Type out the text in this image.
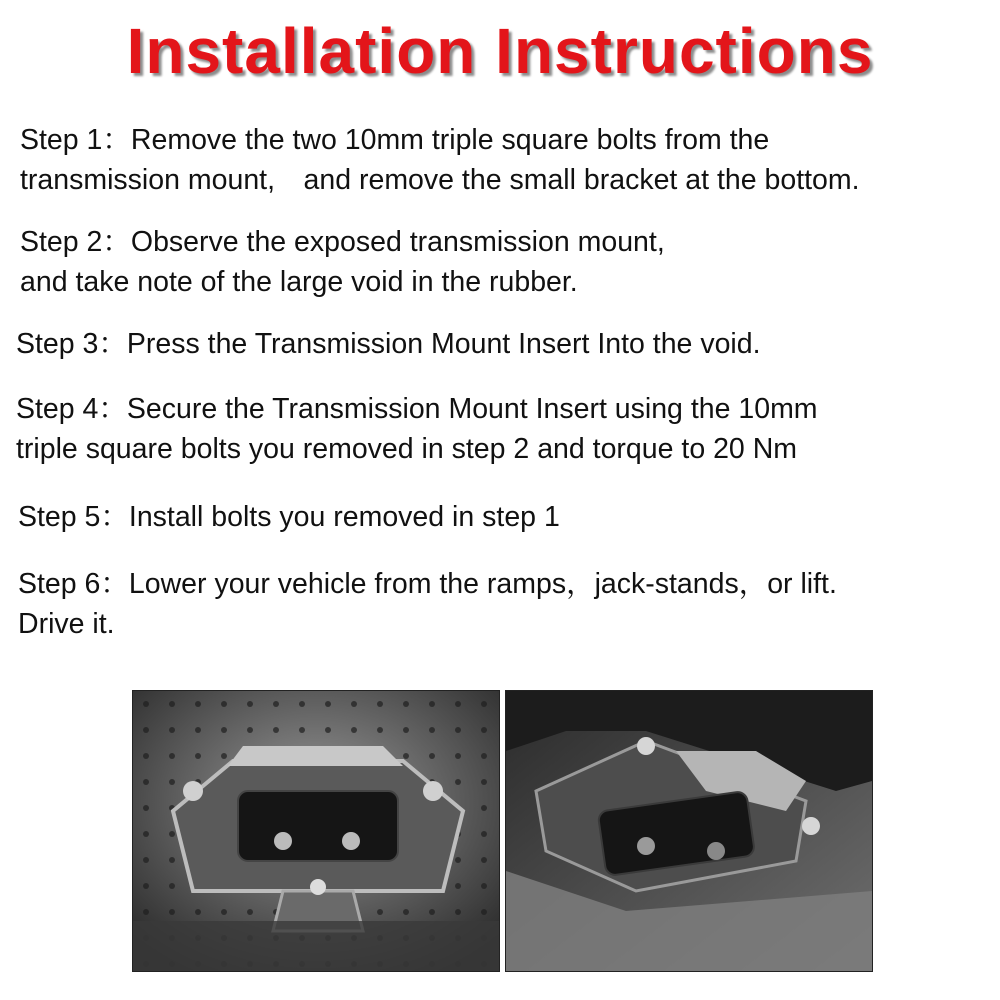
Installation Instructions
Step 1：Remove the two 10mm triple square bolts from the
transmission mount,　and remove the small bracket at the bottom.
Step 2：Observe the exposed transmission mount,
and take note of the large void in the rubber.
Step 3：Press the Transmission Mount Insert Into the void.
Step 4：Secure the Transmission Mount Insert using the 10mm
triple square bolts you removed in step 2 and torque to 20 Nm
Step 5：Install bolts you removed in step 1
Step 6：Lower your vehicle from the ramps，jack-stands，or lift.
Drive it.
